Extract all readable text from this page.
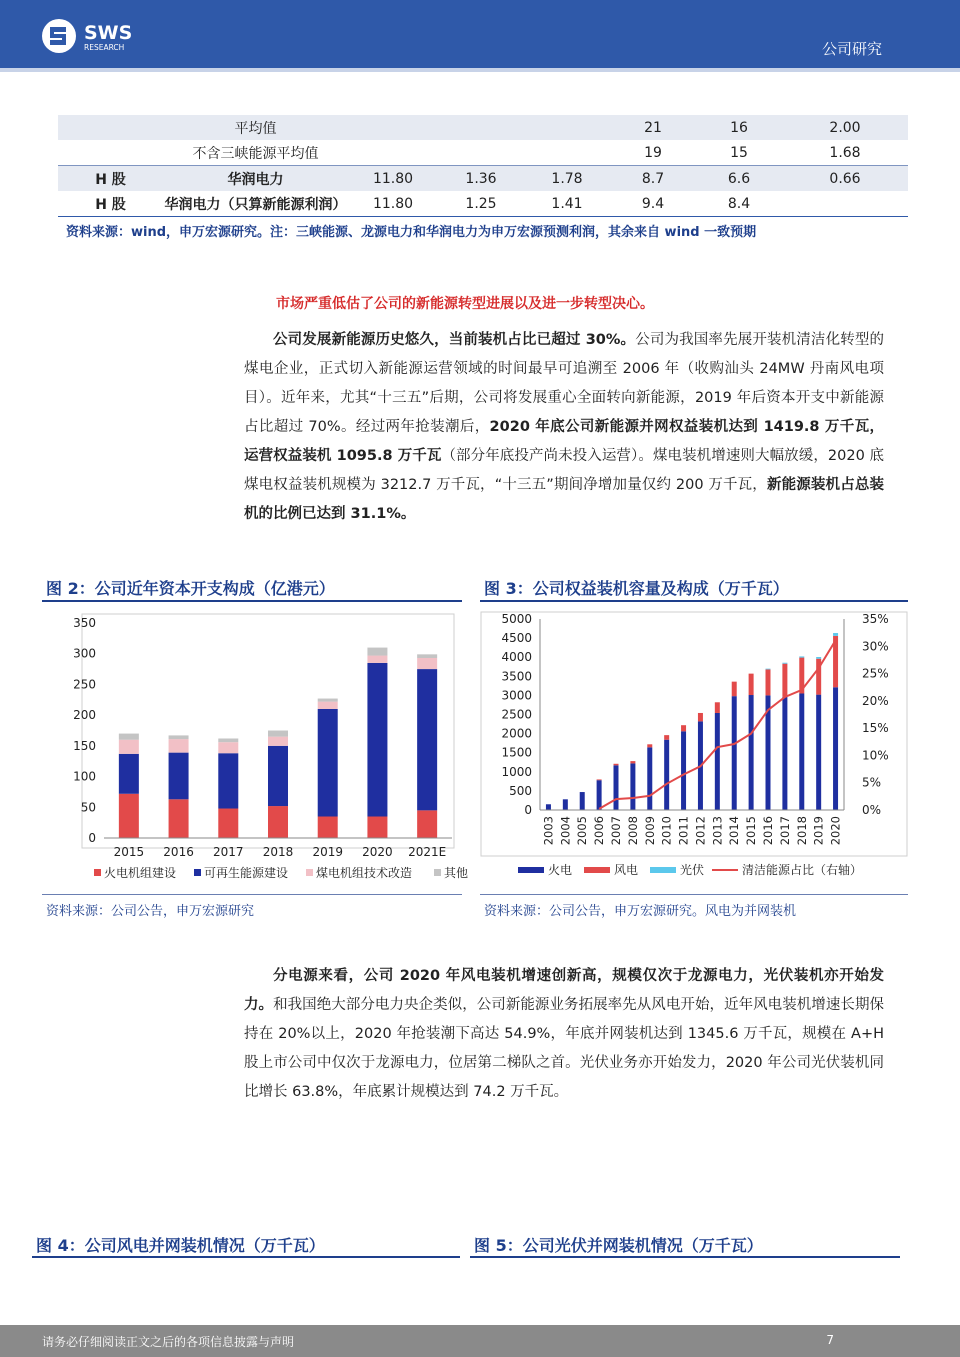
SWS
RESEARCH	公司研究
	平均值				21	16	2.00
	不含三峡能源平均值				19	15	1.68
H 股	华润电力	11.80	1.36	1.78	8.7	6.6	0.66
H 股	华润电力（只算新能源利润）	11.80	1.25	1.41	9.4	8.4	
资料来源：wind，申万宏源研究。注：三峡能源、龙源电力和华润电力为申万宏源预测利润，其余来自 wind 一致预期
市场严重低估了公司的新能源转型进展以及进一步转型决心。
公司发展新能源历史悠久，当前装机占比已超过 30%。公司为我国率先展开装机清洁化转型的煤电企业，正式切入新能源运营领域的时间最早可追溯至 2006 年（收购汕头 24MW 丹南风电项目）。近年来，尤其“十三五”后期，公司将发展重心全面转向新能源，2019 年后资本开支中新能源占比超过 70%。经过两年抢装潮后，2020 年底公司新能源并网权益装机达到 1419.8 万千瓦，运营权益装机 1095.8 万千瓦（部分年底投产尚未投入运营）。煤电装机增速则大幅放缓，2020 底煤电权益装机规模为 3212.7 万千瓦，“十三五”期间净增加量仅约 200 万千瓦，新能源装机占总装机的比例已达到 31.1%。
图 2：公司近年资本开支构成（亿港元）
0
50
100
150
200
250
300
350
2015 2016 2017 2018 2019 2020 2021E
火电机组建设 可再生能源建设 煤电机组技术改造	其他
资料来源：公司公告，申万宏源研究
图 3：公司权益装机容量及构成（万千瓦）
0
500
1000
1500
2000
2500
3000
3500
4000
4500
5000
0%
5%
10%
15%
20%
25%
30%
35%
2003 2004 2005 2006 2007 2008 2009 2010 2011 2012 2013 2014 2015 2016 2017 2018 2019 2020
火电	风电	光伏	清洁能源占比（右轴）
资料来源：公司公告，申万宏源研究。风电为并网装机
分电源来看，公司 2020 年风电装机增速创新高，规模仅次于龙源电力，光伏装机亦开始发力。和我国绝大部分电力央企类似，公司新能源业务拓展率先从风电开始，近年风电装机增速长期保持在 20%以上，2020 年抢装潮下高达 54.9%，年底并网装机达到 1345.6 万千瓦，规模在 A+H 股上市公司中仅次于龙源电力，位居第二梯队之首。光伏业务亦开始发力，2020 年公司光伏装机同比增长 63.8%，年底累计规模达到 74.2 万千瓦。
图 4：公司风电并网装机情况（万千瓦）	图 5：公司光伏并网装机情况（万千瓦）
请务必仔细阅读正文之后的各项信息披露与声明	7
